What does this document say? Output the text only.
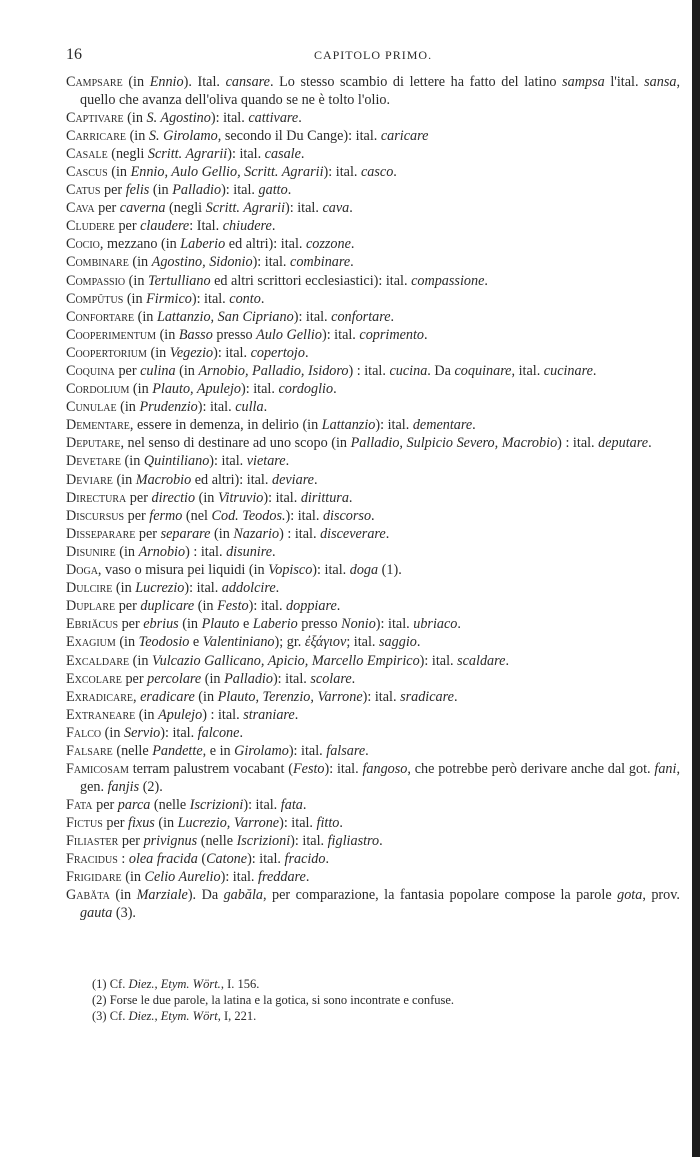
16	CAPITOLO PRIMO.

Campsare (in Ennio). Ital. cansare. Lo stesso scambio di lettere ha fatto del latino sampsa l'ital. sansa, quello che avanza dell'oliva quando se ne è tolto l'olio.

Captivare (in S. Agostino): ital. cattivare.

Carricare (in S. Girolamo, secondo il Du Cange): ital. caricare

Casale (negli Scritt. Agrarii): ital. casale.

Cascus (in Ennio, Aulo Gellio, Scritt. Agrarii): ital. casco.

Catus per felis (in Palladio): ital. gatto.

Cava per caverna (negli Scritt. Agrarii): ital. cava.

Cludere per claudere: Ital. chiudere.

Cocio, mezzano (in Laberio ed altri): ital. cozzone.

Combinare (in Agostino, Sidonio): ital. combinare.

Compassio (in Tertulliano ed altri scrittori ecclesiastici): ital. compassione.

Compŭtus (in Firmico): ital. conto.

Confortare (in Lattanzio, San Cipriano): ital. confortare.

Cooperimentum (in Basso presso Aulo Gellio): ital. coprimento.

Coopertorium (in Vegezio): ital. copertojo.

Coquina per culina (in Arnobio, Palladio, Isidoro) : ital. cucina. Da coquinare, ital. cucinare.

Cordolium (in Plauto, Apulejo): ital. cordoglio.

Cunulae (in Prudenzio): ital. culla.

Dementare, essere in demenza, in delirio (in Lattanzio): ital. dementare.

Deputare, nel senso di destinare ad uno scopo (in Palladio, Sulpicio Severo, Macrobio) : ital. deputare.

Devetare (in Quintiliano): ital. vietare.

Deviare (in Macrobio ed altri): ital. deviare.

Directura per directio (in Vitruvio): ital. dirittura.

Discursus per fermo (nel Cod. Teodos.): ital. discorso.

Disseparare per separare (in Nazario) : ital. disceverare.

Disunire (in Arnobio) : ital. disunire.

Doga, vaso o misura pei liquidi (in Vopisco): ital. doga (1).

Dulcire (in Lucrezio): ital. addolcire.

Duplare per duplicare (in Festo): ital. doppiare.

Ebriăcus per ebrius (in Plauto e Laberio presso Nonio): ital. ubriaco.

Exagium (in Teodosio e Valentiniano); gr. ἐξάγιον; ital. saggio.

Excaldare (in Vulcazio Gallicano, Apicio, Marcello Empirico): ital. scaldare.

Excolare per percolare (in Palladio): ital. scolare.

Exradicare, eradicare (in Plauto, Terenzio, Varrone): ital. sradicare.

Extraneare (in Apulejo) : ital. straniare.

Falco (in Servio): ital. falcone.

Falsare (nelle Pandette, e in Girolamo): ital. falsare.

Famicosam terram palustrem vocabant (Festo): ital. fangoso, che potrebbe però derivare anche dal got. fani, gen. fanjis (2).

Fata per parca (nelle Iscrizioni): ital. fata.

Fictus per fixus (in Lucrezio, Varrone): ital. fitto.

Filiaster per privignus (nelle Iscrizioni): ital. figliastro.

Fracidus : olea fracida (Catone): ital. fracido.

Frigidare (in Celio Aurelio): ital. freddare.

Gabăta (in Marziale). Da gabăla, per comparazione, la fantasia popolare compose la parole gota, prov. gauta (3).

(1) Cf. Diez., Etym. Wört., I. 156.
(2) Forse le due parole, la latina e la gotica, si sono incontrate e confuse.
(3) Cf. Diez., Etym. Wört, I, 221.
